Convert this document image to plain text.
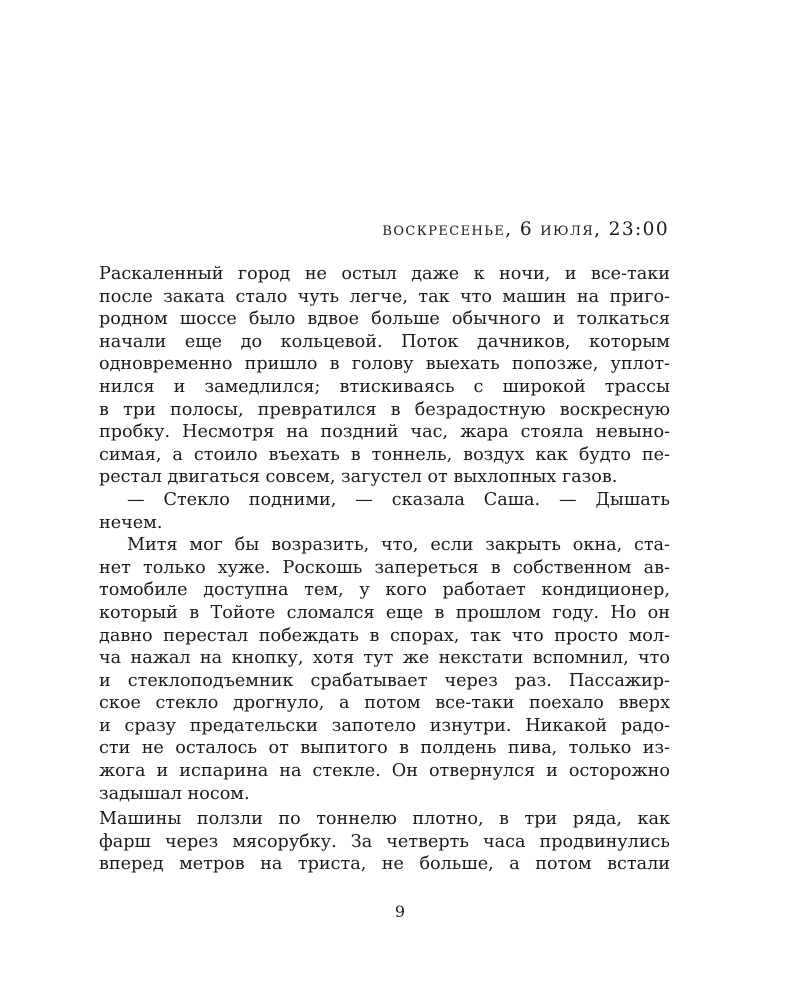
воскресенье, 6 июля, 23:00
Раскаленный город не остыл даже к ночи, и все-таки
после заката стало чуть легче, так что машин на приго-
родном шоссе было вдвое больше обычного и толкаться
начали еще до кольцевой. Поток дачников, которым
одновременно пришло в голову выехать попозже, уплот-
нился и замедлился; втискиваясь с широкой трассы
в три полосы, превратился в безрадостную воскресную
пробку. Несмотря на поздний час, жара стояла невыно-
симая, а стоило въехать в тоннель, воздух как будто пе-
рестал двигаться совсем, загустел от выхлопных газов.
— Стекло подними, — сказала Саша. — Дышать
нечем.
Митя мог бы возразить, что, если закрыть окна, ста-
нет только хуже. Роскошь запереться в собственном ав-
томобиле доступна тем, у кого работает кондиционер,
который в Тойоте сломался еще в прошлом году. Но он
давно перестал побеждать в спорах, так что просто мол-
ча нажал на кнопку, хотя тут же некстати вспомнил, что
и стеклоподъемник срабатывает через раз. Пассажир-
ское стекло дрогнуло, а потом все-таки поехало вверх
и сразу предательски запотело изнутри. Никакой радо-
сти не осталось от выпитого в полдень пива, только из-
жога и испарина на стекле. Он отвернулся и осторожно
задышал носом.
Машины ползли по тоннелю плотно, в три ряда, как
фарш через мясорубку. За четверть часа продвинулись
вперед метров на триста, не больше, а потом встали
9
